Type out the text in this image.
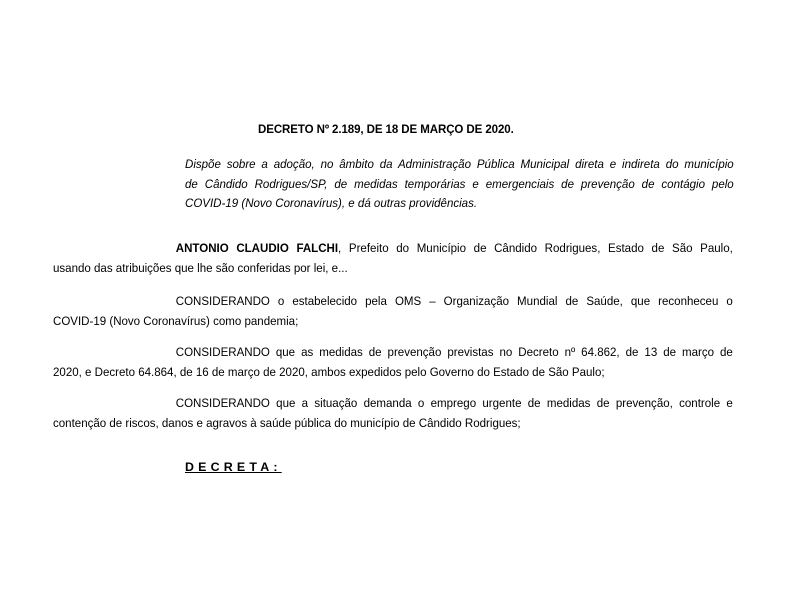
DECRETO Nº 2.189, DE 18 DE MARÇO DE 2020.
Dispõe sobre a adoção, no âmbito da Administração Pública Municipal direta e indireta do município
de Cândido Rodrigues/SP, de medidas temporárias e emergenciais de prevenção de contágio pelo
COVID-19 (Novo Coronavírus), e dá outras providências.
ANTONIO CLAUDIO FALCHI, Prefeito do Município de Cândido Rodrigues, Estado de São Paulo,
usando das atribuições que lhe são conferidas por lei, e...
CONSIDERANDO o estabelecido pela OMS – Organização Mundial de Saúde, que reconheceu o
COVID-19 (Novo Coronavírus) como pandemia;
CONSIDERANDO que as medidas de prevenção previstas no Decreto nº 64.862, de 13 de março de
2020, e Decreto 64.864, de 16 de março de 2020, ambos expedidos pelo Governo do Estado de São Paulo;
CONSIDERANDO que a situação demanda o emprego urgente de medidas de prevenção, controle e
contenção de riscos, danos e agravos à saúde pública do município de Cândido Rodrigues;
DECRETA:
